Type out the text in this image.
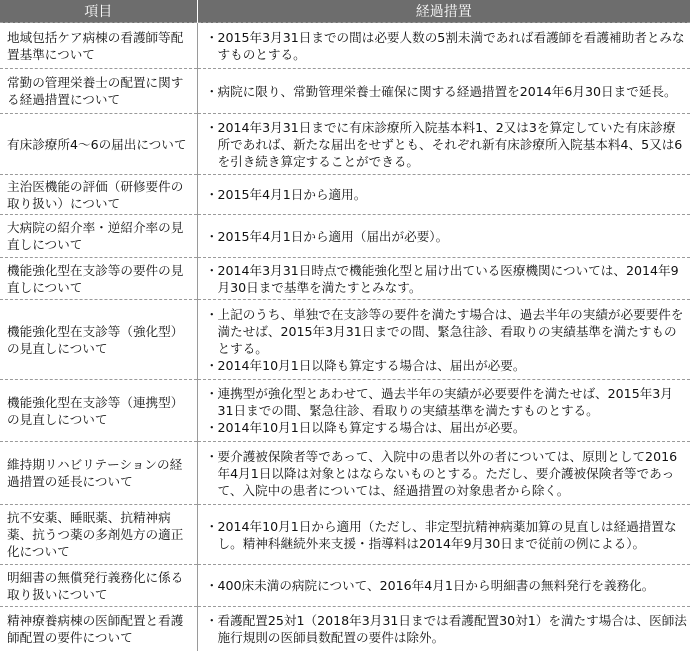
項目	経過措置
地域包括ケア病棟の看護師等配置基準について	・ 2015年3月31日までの間は必要人数の5割未満であれば看護師を看護補助者とみなすものとする。

常勤の管理栄養士の配置に関する経過措置について	・ 病院に限り、常勤管理栄養士確保に関する経過措置を2014年6月30日まで延長。

有床診療所4～6の届出について	・ 2014年3月31日までに有床診療所入院基本料1、2又は3を算定していた有床診療所であれば、新たな届出をせずとも、それぞれ新有床診療所入院基本料4、5又は6を引き続き算定することができる。

主治医機能の評価（研修要件の取り扱い）について	・ 2015年4月1日から適用。

大病院の紹介率・逆紹介率の見直しについて	・ 2015年4月1日から適用（届出が必要）。

機能強化型在支診等の要件の見直しについて	・ 2014年3月31日時点で機能強化型と届け出ている医療機関については、2014年9月30日まで基準を満たすとみなす。

機能強化型在支診等（強化型）の見直しについて	・ 上記のうち、単独で在支診等の要件を満たす場合は、過去半年の実績が必要要件を満たせば、2015年3月31日までの間、緊急往診、看取りの実績基準を満たすものとする。
・ 2014年10月1日以降も算定する場合は、届出が必要。

機能強化型在支診等（連携型）の見直しについて	・ 連携型が強化型とあわせて、過去半年の実績が必要要件を満たせば、2015年3月31日までの間、緊急往診、看取りの実績基準を満たすものとする。
・ 2014年10月1日以降も算定する場合は、届出が必要。

維持期リハビリテーションの経過措置の延長について	・ 要介護被保険者等であって、入院中の患者以外の者については、原則として2016年4月1日以降は対象とはならないものとする。ただし、要介護被保険者等であって、入院中の患者については、経過措置の対象患者から除く。

抗不安薬、睡眠薬、抗精神病薬、抗うつ薬の多剤処方の適正化について	・ 2014年10月1日から適用（ただし、非定型抗精神病薬加算の見直しは経過措置なし。精神科継続外来支援・指導料は2014年9月30日まで従前の例による）。

明細書の無償発行義務化に係る取り扱いについて	・ 400床未満の病院について、2016年4月1日から明細書の無料発行を義務化。

精神療養病棟の医師配置と看護師配置の要件について	・ 看護配置25対1（2018年3月31日までは看護配置30対1）を満たす場合は、医師法施行規則の医師員数配置の要件は除外。
